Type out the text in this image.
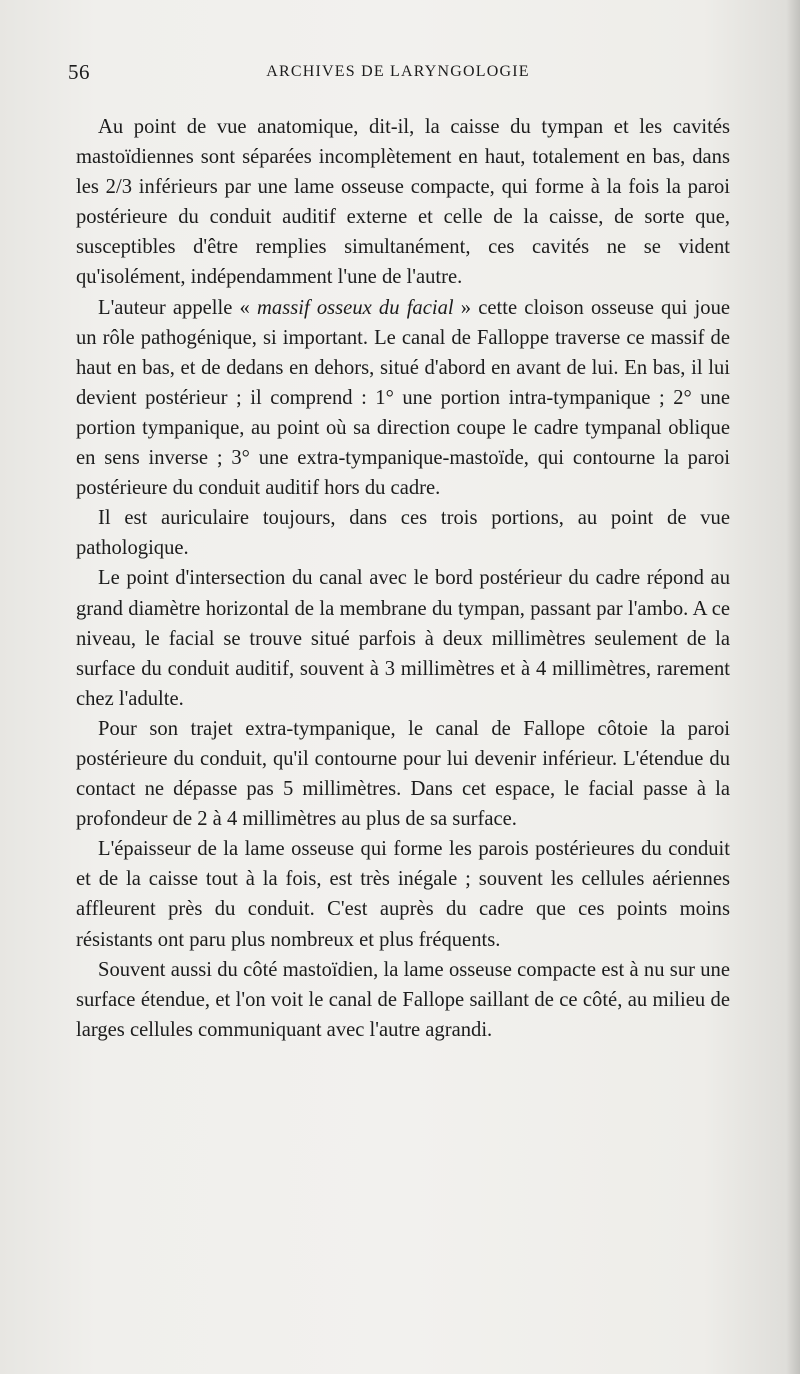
56	ARCHIVES DE LARYNGOLOGIE

Au point de vue anatomique, dit-il, la caisse du tympan et les cavités mastoïdiennes sont séparées incomplètement en haut, totalement en bas, dans les 2/3 inférieurs par une lame osseuse compacte, qui forme à la fois la paroi postérieure du conduit auditif externe et celle de la caisse, de sorte que, susceptibles d'être remplies simultanément, ces cavités ne se vident qu'isolément, indépendamment l'une de l'autre.

L'auteur appelle « massif osseux du facial » cette cloison osseuse qui joue un rôle pathogénique, si important. Le canal de Falloppe traverse ce massif de haut en bas, et de dedans en dehors, situé d'abord en avant de lui. En bas, il lui devient postérieur ; il comprend : 1° une portion intra-tympanique ; 2° une portion tympanique, au point où sa direction coupe le cadre tympanal oblique en sens inverse ; 3° une extra-tympanique-mastoïde, qui contourne la paroi postérieure du conduit auditif hors du cadre.

Il est auriculaire toujours, dans ces trois portions, au point de vue pathologique.

Le point d'intersection du canal avec le bord postérieur du cadre répond au grand diamètre horizontal de la membrane du tympan, passant par l'ambo. A ce niveau, le facial se trouve situé parfois à deux millimètres seulement de la surface du conduit auditif, souvent à 3 millimètres et à 4 millimètres, rarement chez l'adulte.

Pour son trajet extra-tympanique, le canal de Fallope côtoie la paroi postérieure du conduit, qu'il contourne pour lui devenir inférieur. L'étendue du contact ne dépasse pas 5 millimètres. Dans cet espace, le facial passe à la profondeur de 2 à 4 millimètres au plus de sa surface.

L'épaisseur de la lame osseuse qui forme les parois postérieures du conduit et de la caisse tout à la fois, est très inégale ; souvent les cellules aériennes affleurent près du conduit. C'est auprès du cadre que ces points moins résistants ont paru plus nombreux et plus fréquents.

Souvent aussi du côté mastoïdien, la lame osseuse compacte est à nu sur une surface étendue, et l'on voit le canal de Fallope saillant de ce côté, au milieu de larges cellules communiquant avec l'autre agrandi.
